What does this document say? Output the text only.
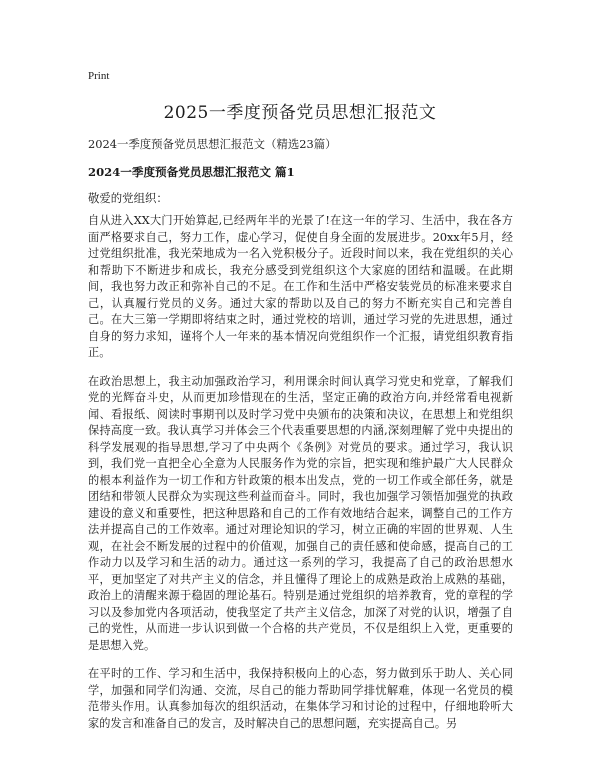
Print
2025一季度预备党员思想汇报范文
2024一季度预备党员思想汇报范文（精选23篇）
2024一季度预备党员思想汇报范文 篇1
敬爱的党组织：

自从进入XX大门开始算起,已经两年半的光景了!在这一年的学习、生活中，我在各方面严格要求自己，努力工作，虚心学习，促使自身全面的发展进步。20xx年5月，经过党组织批准，我光荣地成为一名入党积极分子。近段时间以来，我在党组织的关心和帮助下不断进步和成长，我充分感受到党组织这个大家庭的团结和温暖。在此期间，我也努力改正和弥补自己的不足。在工作和生活中严格安装党员的标准来要求自己，认真履行党员的义务。通过大家的帮助以及自己的努力不断充实自己和完善自己。在大三第一学期即将结束之时，通过党校的培训，通过学习党的先进思想，通过自身的努力求知，谨将个人一年来的基本情况向党组织作一个汇报，请党组织教育指正。

在政治思想上，我主动加强政治学习，利用课余时间认真学习党史和党章，了解我们党的光辉奋斗史，从而更加珍惜现在的生活，坚定正确的政治方向,并经常看电视新闻、看报纸、阅读时事期刊以及时学习党中央颁布的决策和决议，在思想上和党组织保持高度一致。我认真学习并体会三个代表重要思想的内涵,深刻理解了党中央提出的科学发展观的指导思想,学习了中央两个《条例》对党员的要求。通过学习，我认识到，我们党一直把全心全意为人民服务作为党的宗旨，把实现和维护最广大人民群众的根本利益作为一切工作和方针政策的根本出发点，党的一切工作或全部任务，就是团结和带领人民群众为实现这些利益而奋斗。同时，我也加强学习领悟加强党的执政建设的意义和重要性，把这种思路和自己的工作有效地结合起来，调整自己的工作方法并提高自己的工作效率。通过对理论知识的学习，树立正确的牢固的世界观、人生观，在社会不断发展的过程中的价值观，加强自己的责任感和使命感，提高自己的工作动力以及学习和生活的动力。通过这一系列的学习，我提高了自己的政治思想水平，更加坚定了对共产主义的信念，并且懂得了理论上的成熟是政治上成熟的基础，政治上的清醒来源于稳固的理论基石。特别是通过党组织的培养教育，党的章程的学习以及参加党内各项活动，使我坚定了共产主义信念，加深了对党的认识，增强了自己的党性，从而进一步认识到做一个合格的共产党员，不仅是组织上入党，更重要的是思想入党。

在平时的工作、学习和生活中，我保持积极向上的心态，努力做到乐于助人、关心同学，加强和同学们沟通、交流，尽自己的能力帮助同学排忧解难，体现一名党员的模范带头作用。认真参加每次的组织活动，在集体学习和讨论的过程中，仔细地聆听大家的发言和准备自己的发言，及时解决自己的思想问题，充实提高自己。另
